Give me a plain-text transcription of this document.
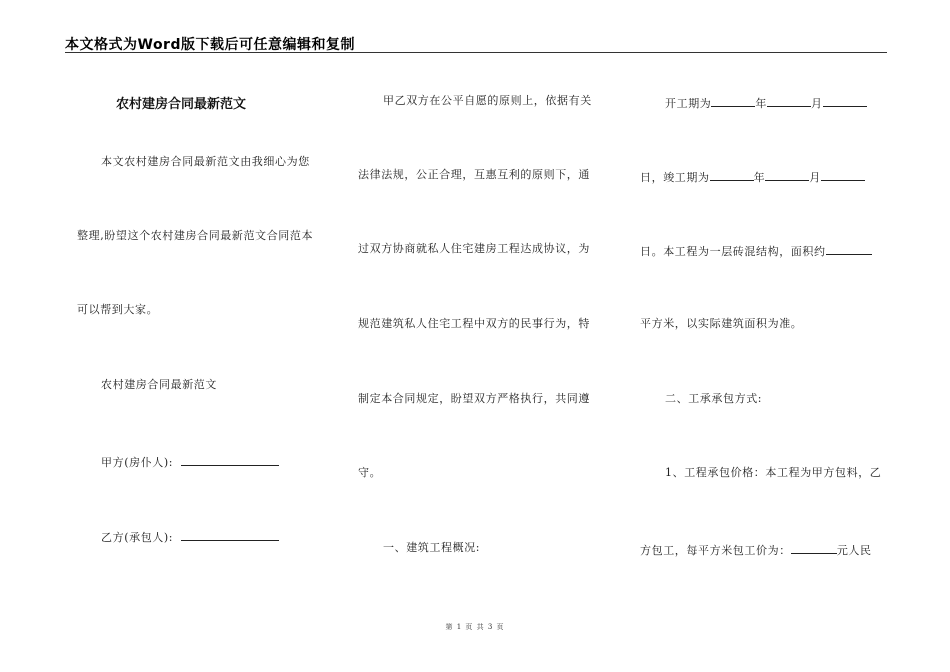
本文格式为Word版下载后可任意编辑和复制
农村建房合同最新范文
本文农村建房合同最新范文由我细心为您
整理,盼望这个农村建房合同最新范文合同范本
可以帮到大家。
农村建房合同最新范文
甲方(房仆人):
乙方(承包人):
甲乙双方在公平自愿的原则上，依据有关
法律法规，公正合理，互惠互利的原则下，通
过双方协商就私人住宅建房工程达成协议，为
规范建筑私人住宅工程中双方的民事行为，特
制定本合同规定，盼望双方严格执行，共同遵
守。
一、建筑工程概况:
开工期为	年	月
日，竣工期为	年	月
日。本工程为一层砖混结构，面积约
平方米，以实际建筑面积为准。
二、工承承包方式:
1、工程承包价格：本工程为甲方包料，乙
方包工，每平方米包工价为：	元人民
第 1 页 共 3 页
